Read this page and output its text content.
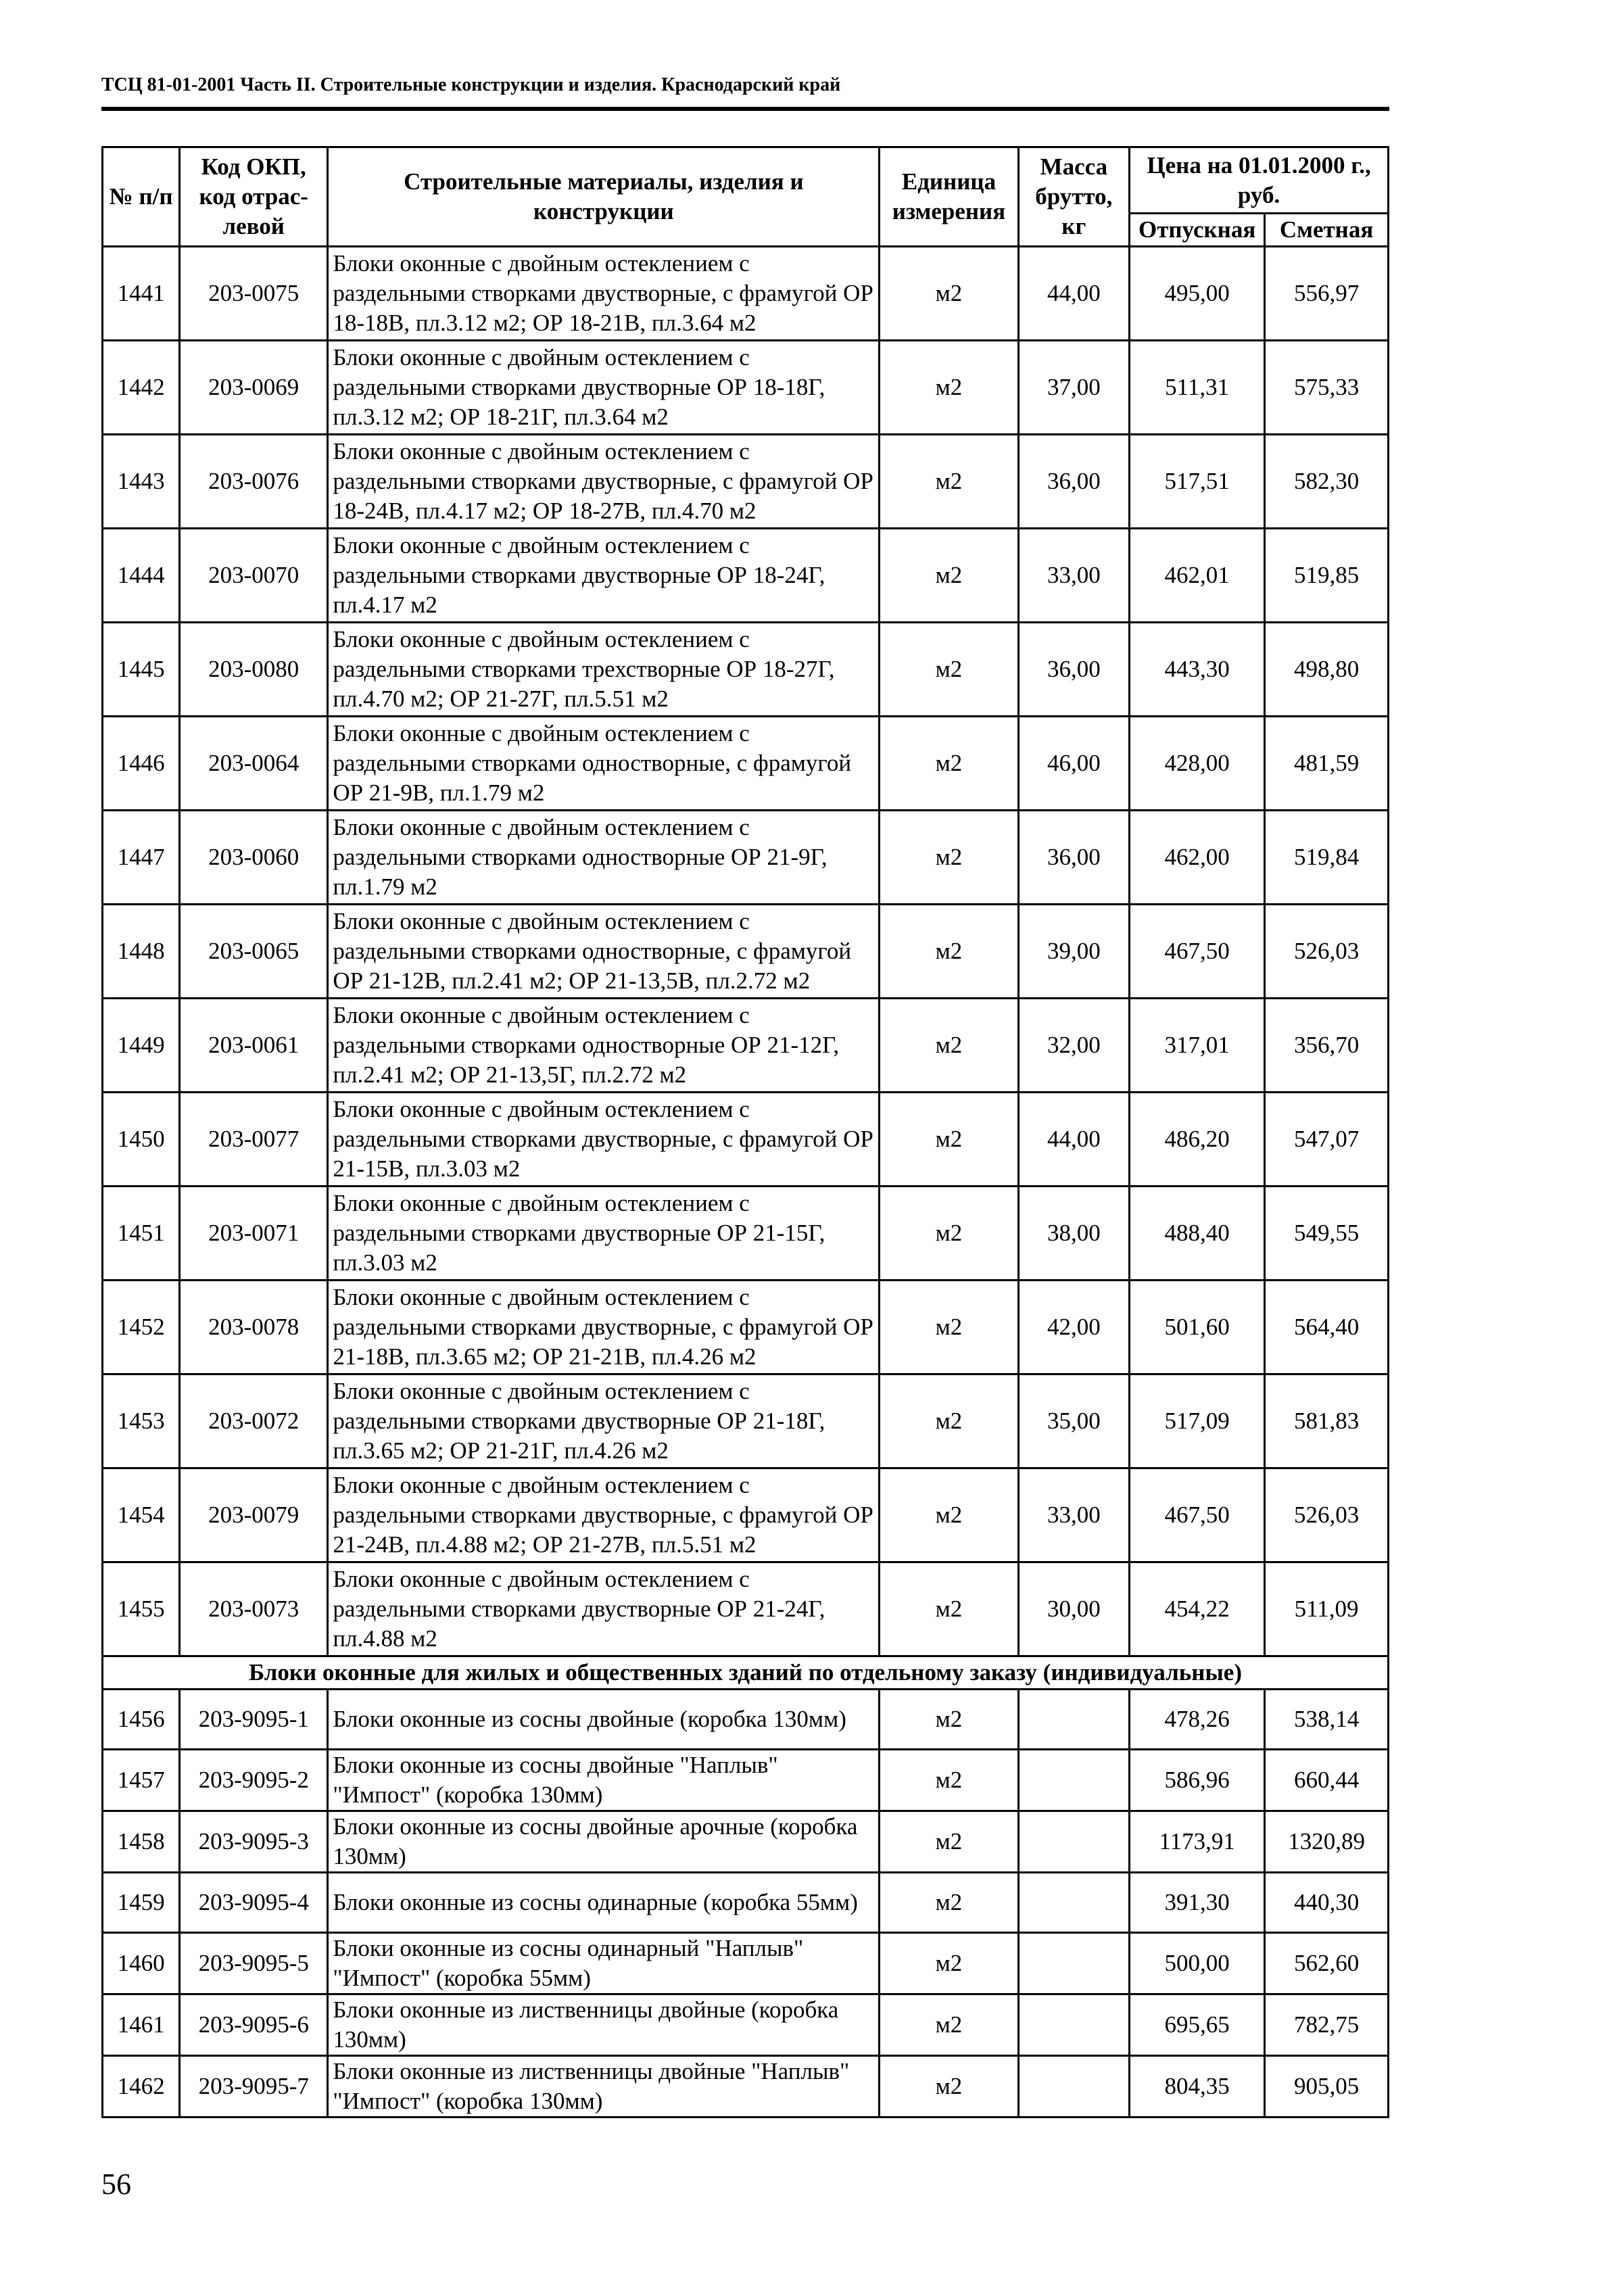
ТСЦ 81-01-2001 Часть II. Строительные конструкции и изделия. Краснодарский край
№ п/п	Код ОКП, код отрас-левой	Строительные материалы, изделия и конструкции	Единица измерения	Масса брутто, кг	Цена на 01.01.2000 г., руб.	
					Отпускная	Сметная
1441	203-0075	Блоки оконные с двойным остеклением с раздельными створками двустворные, с фрамугой ОР 18-18В, пл.3.12 м2; ОР 18-21В, пл.3.64 м2	м2	44,00	495,00	556,97
1442	203-0069	Блоки оконные с двойным остеклением с раздельными створками двустворные ОР 18-18Г, пл.3.12 м2; ОР 18-21Г, пл.3.64 м2	м2	37,00	511,31	575,33
1443	203-0076	Блоки оконные с двойным остеклением с раздельными створками двустворные, с фрамугой ОР 18-24В, пл.4.17 м2; ОР 18-27В, пл.4.70 м2	м2	36,00	517,51	582,30
1444	203-0070	Блоки оконные с двойным остеклением с раздельными створками двустворные ОР 18-24Г, пл.4.17 м2	м2	33,00	462,01	519,85
1445	203-0080	Блоки оконные с двойным остеклением с раздельными створками трехстворные ОР 18-27Г, пл.4.70 м2; ОР 21-27Г, пл.5.51 м2	м2	36,00	443,30	498,80
1446	203-0064	Блоки оконные с двойным остеклением с раздельными створками одностворные, с фрамугой ОР 21-9В, пл.1.79 м2	м2	46,00	428,00	481,59
1447	203-0060	Блоки оконные с двойным остеклением с раздельными створками одностворные ОР 21-9Г, пл.1.79 м2	м2	36,00	462,00	519,84
1448	203-0065	Блоки оконные с двойным остеклением с раздельными створками одностворные, с фрамугой ОР 21-12В, пл.2.41 м2; ОР 21-13,5В, пл.2.72 м2	м2	39,00	467,50	526,03
1449	203-0061	Блоки оконные с двойным остеклением с раздельными створками одностворные ОР 21-12Г, пл.2.41 м2; ОР 21-13,5Г, пл.2.72 м2	м2	32,00	317,01	356,70
1450	203-0077	Блоки оконные с двойным остеклением с раздельными створками двустворные, с фрамугой ОР 21-15В, пл.3.03 м2	м2	44,00	486,20	547,07
1451	203-0071	Блоки оконные с двойным остеклением с раздельными створками двустворные ОР 21-15Г, пл.3.03 м2	м2	38,00	488,40	549,55
1452	203-0078	Блоки оконные с двойным остеклением с раздельными створками двустворные, с фрамугой ОР 21-18В, пл.3.65 м2; ОР 21-21В, пл.4.26 м2	м2	42,00	501,60	564,40
1453	203-0072	Блоки оконные с двойным остеклением с раздельными створками двустворные ОР 21-18Г, пл.3.65 м2; ОР 21-21Г, пл.4.26 м2	м2	35,00	517,09	581,83
1454	203-0079	Блоки оконные с двойным остеклением с раздельными створками двустворные, с фрамугой ОР 21-24В, пл.4.88 м2; ОР 21-27В, пл.5.51 м2	м2	33,00	467,50	526,03
1455	203-0073	Блоки оконные с двойным остеклением с раздельными створками двустворные ОР 21-24Г, пл.4.88 м2	м2	30,00	454,22	511,09
Блоки оконные для жилых и общественных зданий по отдельному заказу (индивидуальные)						
1456	203-9095-1	Блоки оконные из сосны двойные (коробка 130мм)	м2		478,26	538,14
1457	203-9095-2	Блоки оконные из сосны двойные "Наплыв" "Импост" (коробка 130мм)	м2		586,96	660,44
1458	203-9095-3	Блоки оконные из сосны двойные арочные (коробка 130мм)	м2		1173,91	1320,89
1459	203-9095-4	Блоки оконные из сосны одинарные (коробка 55мм)	м2		391,30	440,30
1460	203-9095-5	Блоки оконные из сосны одинарный "Наплыв" "Импост" (коробка 55мм)	м2		500,00	562,60
1461	203-9095-6	Блоки оконные из лиственницы двойные (коробка 130мм)	м2		695,65	782,75
1462	203-9095-7	Блоки оконные из лиственницы двойные "Наплыв" "Импост" (коробка 130мм)	м2		804,35	905,05
56
